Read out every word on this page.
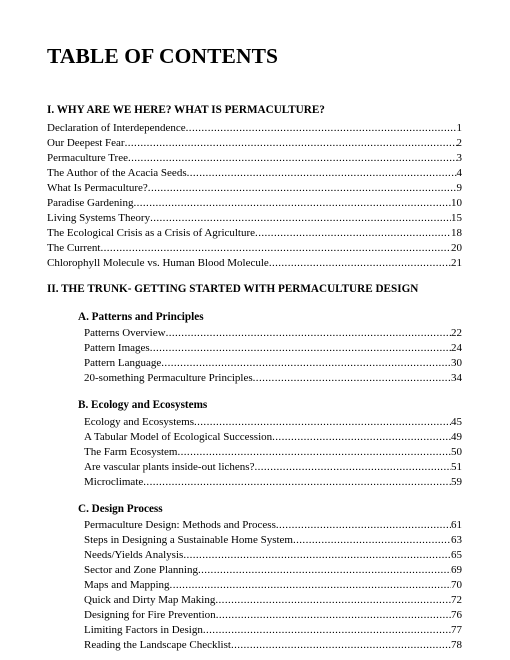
TABLE OF CONTENTS
I. WHY ARE WE HERE? WHAT IS PERMACULTURE?
Declaration of Interdependence .....	1
Our Deepest Fear .....	2
Permaculture Tree .....	3
The Author of the Acacia Seeds .....	4
What Is Permaculture? .....	9
Paradise Gardening .....	10
Living Systems Theory .....	15
The Ecological Crisis as a Crisis of Agriculture .....	18
The Current .....	20
Chlorophyll Molecule vs. Human Blood Molecule .....	21
II. THE TRUNK- GETTING STARTED WITH PERMACULTURE DESIGN
A. Patterns and Principles
Patterns Overview .....	22
Pattern Images .....	24
Pattern Language .....	30
20-something Permaculture Principles .....	34
B. Ecology and Ecosystems
Ecology and Ecosystems .....	45
A Tabular Model of Ecological Succession .....	49
The Farm Ecosystem .....	50
Are vascular plants inside-out lichens? .....	51
Microclimate .....	59
C. Design Process
Permaculture Design: Methods and Process .....	61
Steps in Designing a Sustainable Home System .....	63
Needs/Yields Analysis .....	65
Sector and Zone Planning .....	69
Maps and Mapping .....	70
Quick and Dirty Map Making .....	72
Designing for Fire Prevention .....	76
Limiting Factors in Design .....	77
Reading the Landscape Checklist .....	78
